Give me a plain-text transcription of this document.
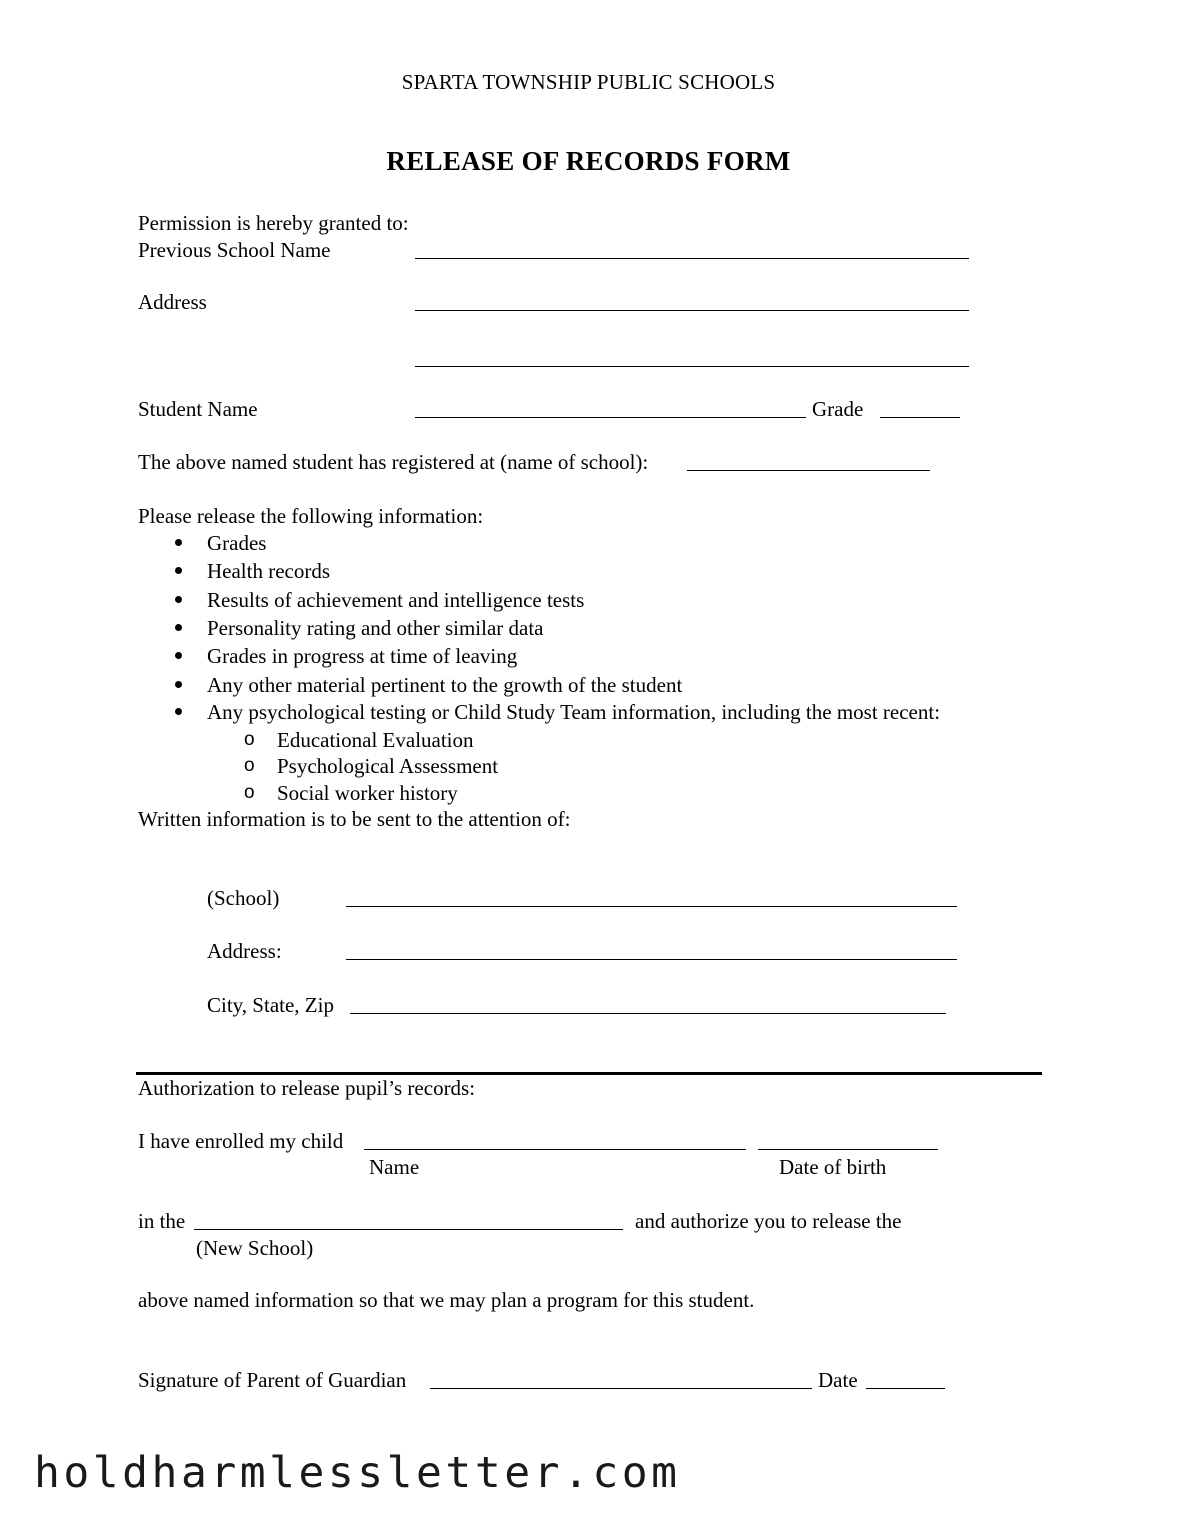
SPARTA TOWNSHIP PUBLIC SCHOOLS
RELEASE OF RECORDS FORM
Permission is hereby granted to:
Previous School Name
Address
Student Name	Grade
The above named student has registered at (name of school):
Please release the following information:
Grades
Health records
Results of achievement and intelligence tests
Personality rating and other similar data
Grades in progress at time of leaving
Any other material pertinent to the growth of the student
Any psychological testing or Child Study Team information, including the most recent:
o Educational Evaluation
o Psychological Assessment
o Social worker history
Written information is to be sent to the attention of:
(School)
Address:
City, State, Zip
Authorization to release pupil’s records:
I have enrolled my child
Name	Date of birth
in the	and authorize you to release the
(New School)
above named information so that we may plan a program for this student.
Signature of Parent of Guardian	Date
holdharmlessletter.com
